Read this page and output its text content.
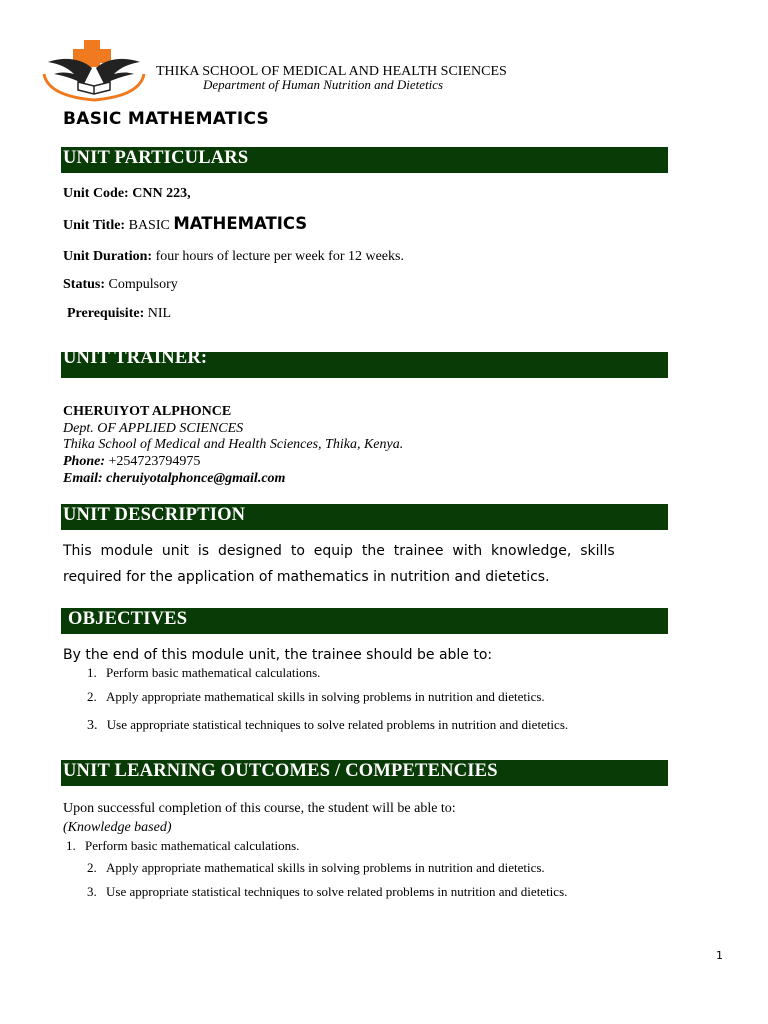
THIKA SCHOOL OF MEDICAL AND HEALTH SCIENCES
Department of Human Nutrition and Dietetics
BASIC MATHEMATICS
UNIT PARTICULARS
Unit Code: CNN 223,
Unit Title: BASIC MATHEMATICS
Unit Duration: four hours of lecture per week for 12 weeks.
Status: Compulsory
Prerequisite: NIL
UNIT TRAINER:
CHERUIYOT ALPHONCE
Dept. OF APPLIED SCIENCES
Thika School of Medical and Health Sciences, Thika, Kenya.
Phone: +254723794975
Email: cheruiyotalphonce@gmail.com
UNIT DESCRIPTION
This  module  unit  is  designed  to  equip  the  trainee  with  knowledge,  skills
required for the application of mathematics in nutrition and dietetics.
OBJECTIVES
By the end of this module unit, the trainee should be able to:
1. Perform basic mathematical calculations.
2. Apply appropriate mathematical skills in solving problems in nutrition and dietetics.
3. Use appropriate statistical techniques to solve related problems in nutrition and dietetics.
UNIT LEARNING OUTCOMES / COMPETENCIES
Upon successful completion of this course, the student will be able to:
(Knowledge based)
1. Perform basic mathematical calculations.
2. Apply appropriate mathematical skills in solving problems in nutrition and dietetics.
3. Use appropriate statistical techniques to solve related problems in nutrition and dietetics.
1
